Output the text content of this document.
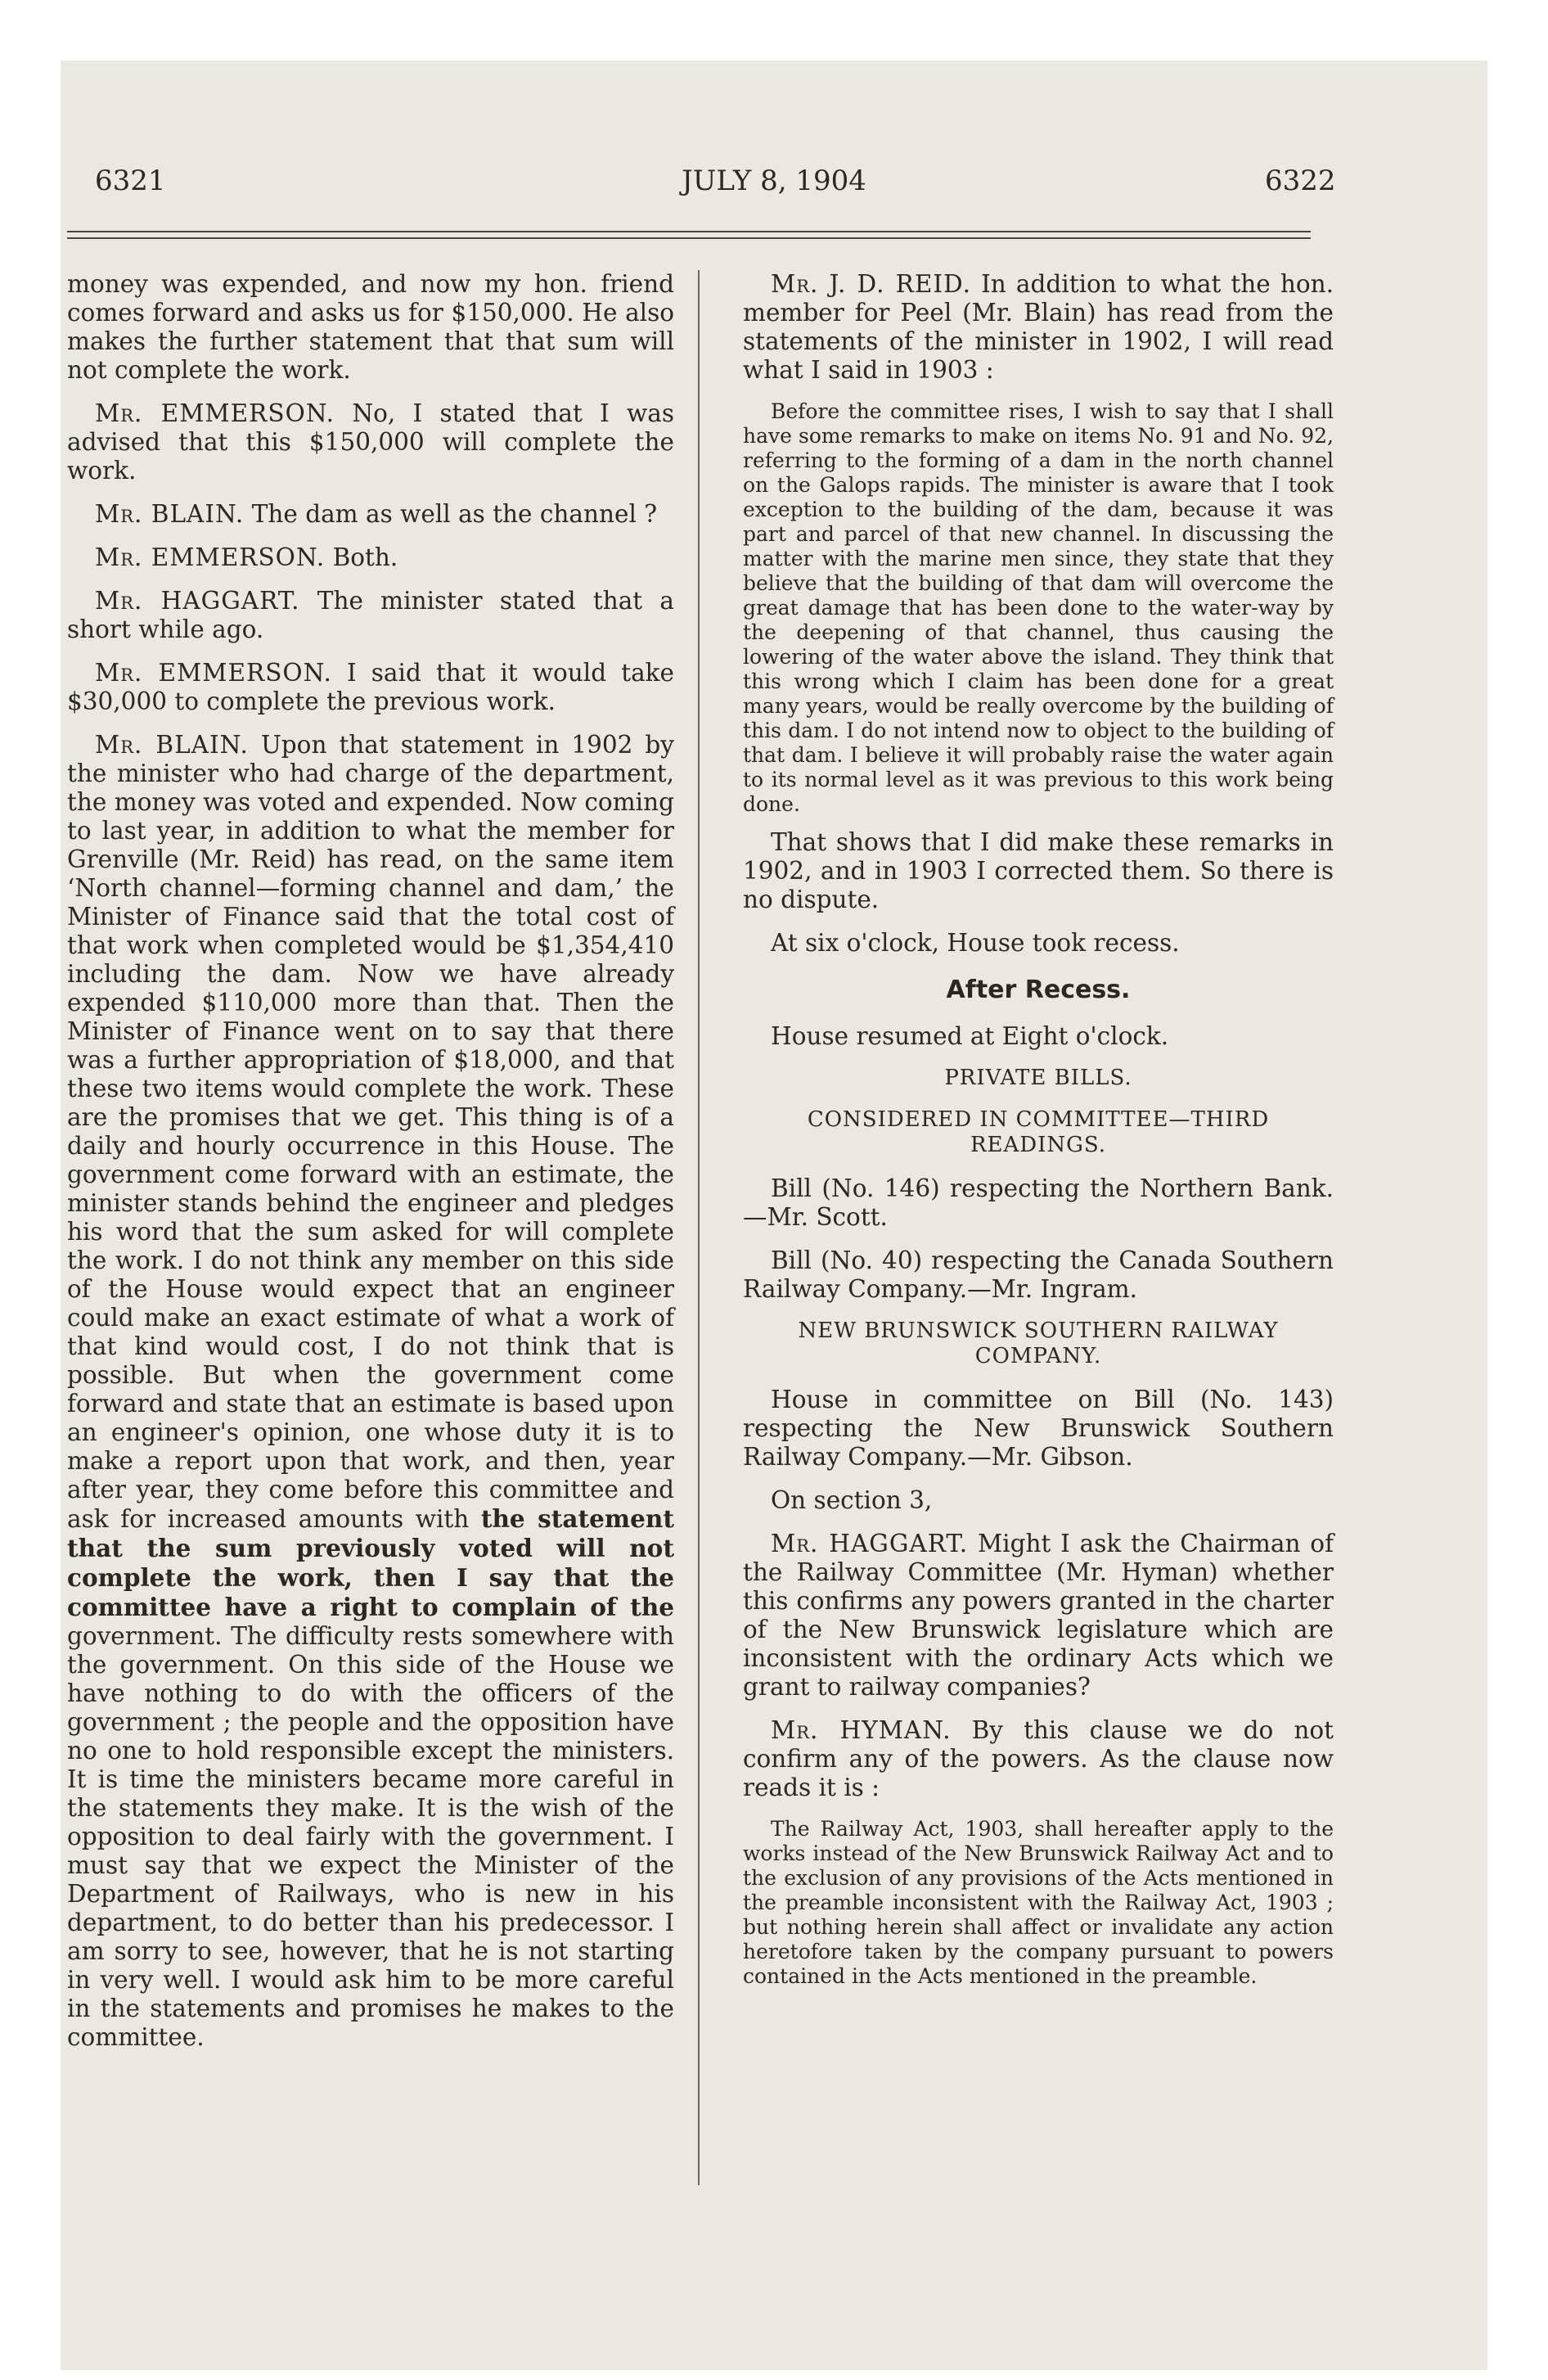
6321	JULY 8, 1904	6322

money was expended, and now my hon. friend comes forward and asks us for $150,000. He also makes the further statement that that sum will not complete the work.

Mr. EMMERSON. No, I stated that I was advised that this $150,000 will complete the work.

Mr. BLAIN. The dam as well as the channel ?

Mr. EMMERSON. Both.

Mr. HAGGART. The minister stated that a short while ago.

Mr. EMMERSON. I said that it would take $30,000 to complete the previous work.

Mr. BLAIN. Upon that statement in 1902 by the minister who had charge of the department, the money was voted and expended. Now coming to last year, in addition to what the member for Grenville (Mr. Reid) has read, on the same item ‘North channel—forming channel and dam,’ the Minister of Finance said that the total cost of that work when completed would be $1,354,410 including the dam. Now we have already expended $110,000 more than that. Then the Minister of Finance went on to say that there was a further appropriation of $18,000, and that these two items would complete the work. These are the promises that we get. This thing is of a daily and hourly occurrence in this House. The government come forward with an estimate, the minister stands behind the engineer and pledges his word that the sum asked for will complete the work. I do not think any member on this side of the House would expect that an engineer could make an exact estimate of what a work of that kind would cost, I do not think that is possible. But when the government come forward and state that an estimate is based upon an engineer's opinion, one whose duty it is to make a report upon that work, and then, year after year, they come before this committee and ask for increased amounts with the statement that the sum previously voted will not complete the work, then I say that the committee have a right to complain of the government. The difficulty rests somewhere with the government. On this side of the House we have nothing to do with the officers of the government ; the people and the opposition have no one to hold responsible except the ministers. It is time the ministers became more careful in the statements they make. It is the wish of the opposition to deal fairly with the government. I must say that we expect the Minister of the Department of Railways, who is new in his department, to do better than his predecessor. I am sorry to see, however, that he is not starting in very well. I would ask him to be more careful in the statements and promises he makes to the committee.

Mr. J. D. REID. In addition to what the hon. member for Peel (Mr. Blain) has read from the statements of the minister in 1902, I will read what I said in 1903 :

Before the committee rises, I wish to say that I shall have some remarks to make on items No. 91 and No. 92, referring to the forming of a dam in the north channel on the Galops rapids. The minister is aware that I took exception to the building of the dam, because it was part and parcel of that new channel. In discussing the matter with the marine men since, they state that they believe that the building of that dam will overcome the great damage that has been done to the water-way by the deepening of that channel, thus causing the lowering of the water above the island. They think that this wrong which I claim has been done for a great many years, would be really overcome by the building of this dam. I do not intend now to object to the building of that dam. I believe it will probably raise the water again to its normal level as it was previous to this work being done.

That shows that I did make these remarks in 1902, and in 1903 I corrected them. So there is no dispute.

At six o'clock, House took recess.

After Recess.

House resumed at Eight o'clock.

PRIVATE BILLS.
CONSIDERED IN COMMITTEE—THIRD READINGS.

Bill (No. 146) respecting the Northern Bank.—Mr. Scott.

Bill (No. 40) respecting the Canada Southern Railway Company.—Mr. Ingram.

NEW BRUNSWICK SOUTHERN RAILWAY COMPANY.

House in committee on Bill (No. 143) respecting the New Brunswick Southern Railway Company.—Mr. Gibson.

On section 3,

Mr. HAGGART. Might I ask the Chairman of the Railway Committee (Mr. Hyman) whether this confirms any powers granted in the charter of the New Brunswick legislature which are inconsistent with the ordinary Acts which we grant to railway companies?

Mr. HYMAN. By this clause we do not confirm any of the powers. As the clause now reads it is :

The Railway Act, 1903, shall hereafter apply to the works instead of the New Brunswick Railway Act and to the exclusion of any provisions of the Acts mentioned in the preamble inconsistent with the Railway Act, 1903 ; but nothing herein shall affect or invalidate any action heretofore taken by the company pursuant to powers contained in the Acts mentioned in the preamble.
